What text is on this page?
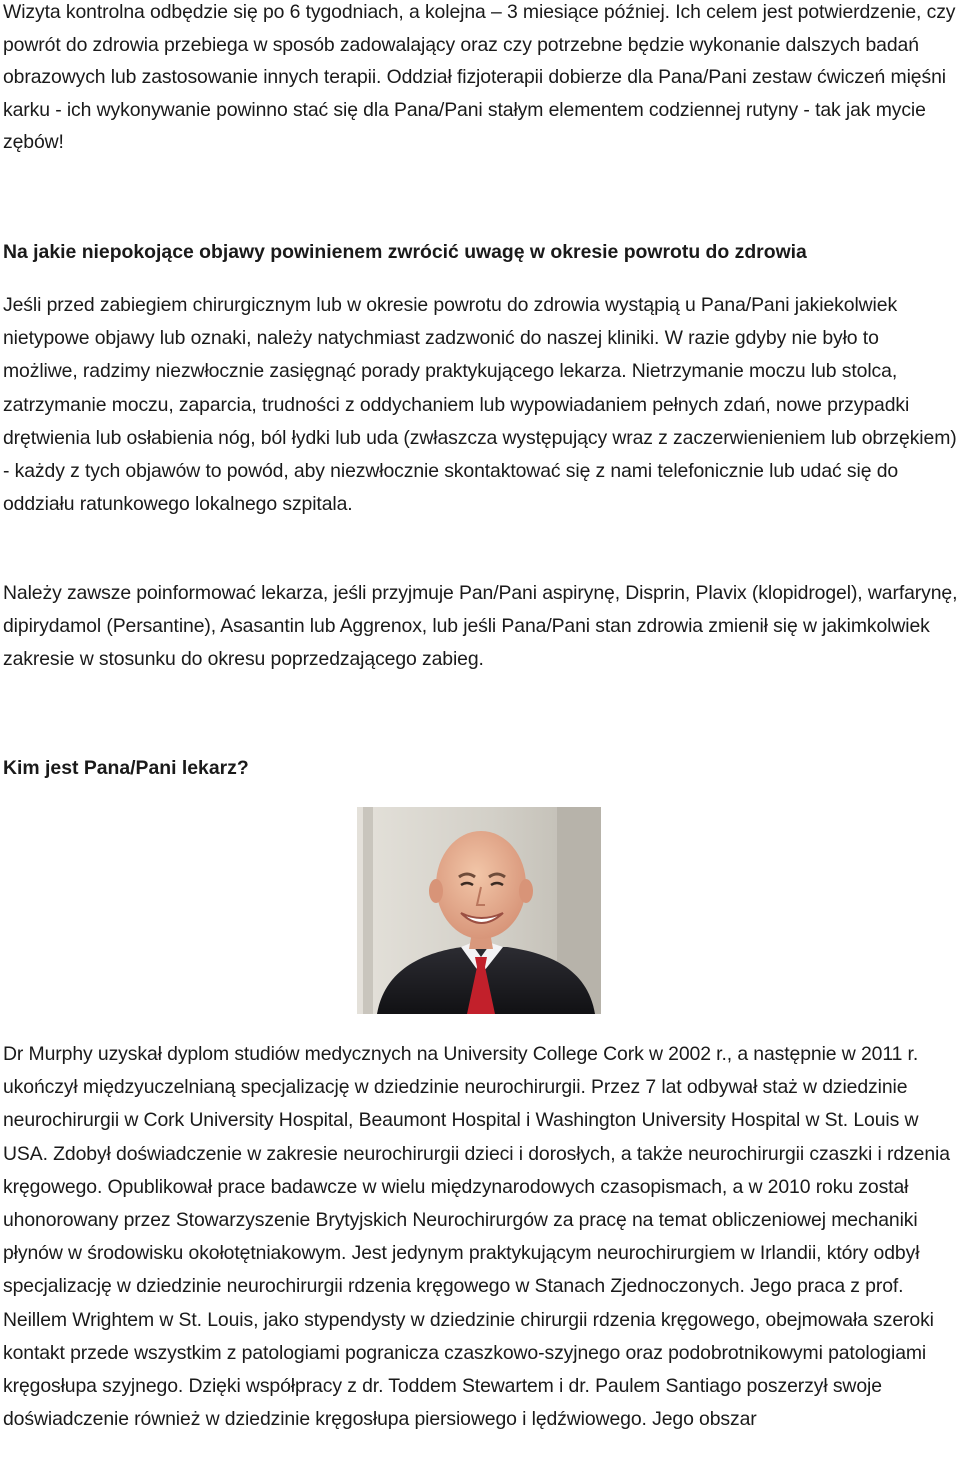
Wizyta kontrolna odbędzie się po 6 tygodniach, a kolejna – 3 miesiące później. Ich celem jest potwierdzenie, czy powrót do zdrowia przebiega w sposób zadowalający oraz czy potrzebne będzie wykonanie dalszych badań obrazowych lub zastosowanie innych terapii. Oddział fizjoterapii dobierze dla Pana/Pani zestaw ćwiczeń mięśni karku - ich wykonywanie powinno stać się dla Pana/Pani stałym elementem codziennej rutyny - tak jak mycie zębów!

Na jakie niepokojące objawy powinienem zwrócić uwagę w okresie powrotu do zdrowia

Jeśli przed zabiegiem chirurgicznym lub w okresie powrotu do zdrowia wystąpią u Pana/Pani jakiekolwiek nietypowe objawy lub oznaki, należy natychmiast zadzwonić do naszej kliniki. W razie gdyby nie było to możliwe, radzimy niezwłocznie zasięgnąć porady praktykującego lekarza. Nietrzymanie moczu lub stolca, zatrzymanie moczu, zaparcia, trudności z oddychaniem lub wypowiadaniem pełnych zdań, nowe przypadki drętwienia lub osłabienia nóg, ból łydki lub uda (zwłaszcza występujący wraz z zaczerwienieniem lub obrzękiem) - każdy z tych objawów to powód, aby niezwłocznie skontaktować się z nami telefonicznie lub udać się do oddziału ratunkowego lokalnego szpitala.

Należy zawsze poinformować lekarza, jeśli przyjmuje Pan/Pani aspirynę, Disprin, Plavix (klopidrogel), warfarynę, dipirydamol (Persantine), Asasantin lub Aggrenox, lub jeśli Pana/Pani stan zdrowia zmienił się w jakimkolwiek zakresie w stosunku do okresu poprzedzającego zabieg.

Kim jest Pana/Pani lekarz?

Dr Murphy uzyskał dyplom studiów medycznych na University College Cork w 2002 r., a następnie w 2011 r. ukończył międzyuczelnianą specjalizację w dziedzinie neurochirurgii. Przez 7 lat odbywał staż w dziedzinie neurochirurgii w Cork University Hospital, Beaumont Hospital i Washington University Hospital w St. Louis w USA. Zdobył doświadczenie w zakresie neurochirurgii dzieci i dorosłych, a także neurochirurgii czaszki i rdzenia kręgowego. Opublikował prace badawcze w wielu międzynarodowych czasopismach, a w 2010 roku został uhonorowany przez Stowarzyszenie Brytyjskich Neurochirurgów za pracę na temat obliczeniowej mechaniki płynów w środowisku okołotętniakowym. Jest jedynym praktykującym neurochirurgiem w Irlandii, który odbył specjalizację w dziedzinie neurochirurgii rdzenia kręgowego w Stanach Zjednoczonych. Jego praca z prof. Neillem Wrightem w St. Louis, jako stypendysty w dziedzinie chirurgii rdzenia kręgowego, obejmowała szeroki kontakt przede wszystkim z patologiami pogranicza czaszkowo-szyjnego oraz podobrotnikowymi patologiami kręgosłupa szyjnego. Dzięki współpracy z dr. Toddem Stewartem i dr. Paulem Santiago poszerzył swoje doświadczenie również w dziedzinie kręgosłupa piersiowego i lędźwiowego. Jego obszar
